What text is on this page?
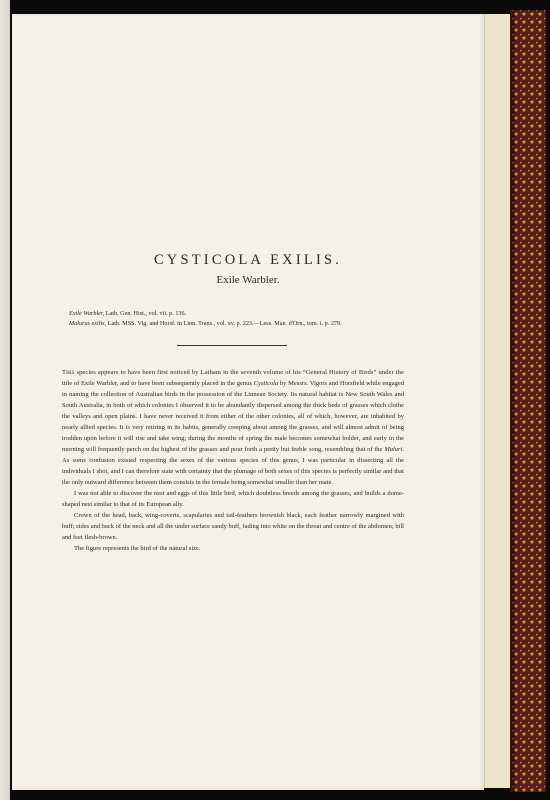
CYSTICOLA EXILIS.
Exile Warbler.
Exile Warbler, Lath. Gen. Hist., vol. vii. p. 136.
Malurus exilis, Lath. MSS. Vig. and Horsf. in Linn. Trans., vol. xv. p. 223.—Less. Man. d'Orn., tom. i. p. 279.

This species appears to have been first noticed by Latham in the seventh volume of his “General History of Birds” under the title of Exile Warbler, and to have been subsequently placed in the genus Cysticola by Messrs. Vigors and Horsfield while engaged in naming the collection of Australian birds in the possession of the Linnean Society. Its natural habitat is New South Wales and South Australia, in both of which colonies I observed it to be abundantly dispersed among the thick beds of grasses which clothe the valleys and open plains. I have never received it from either of the other colonies, all of which, however, are inhabited by nearly allied species. It is very retiring in its habits, generally creeping about among the grasses, and will almost admit of being trodden upon before it will rise and take wing; during the months of spring the male becomes somewhat bolder, and early in the morning will frequently perch on the highest of the grasses and pour forth a pretty but feeble song, resembling that of the Maluri. As some confusion existed respecting the sexes of the various species of this genus, I was particular in dissecting all the individuals I shot, and I can therefore state with certainty that the plumage of both sexes of this species is perfectly similar and that the only outward difference between them consists in the female being somewhat smaller than her mate.

I was not able to discover the nest and eggs of this little bird, which doubtless breeds among the grasses, and builds a dome-shaped nest similar to that of its European ally.

Crown of the head, back, wing-coverts, scapularies and tail-feathers brownish black, each feather narrowly margined with buff; sides and back of the neck and all the under surface sandy buff, fading into white on the throat and centre of the abdomen; bill and feet flesh-brown.

The figure represents the bird of the natural size.
